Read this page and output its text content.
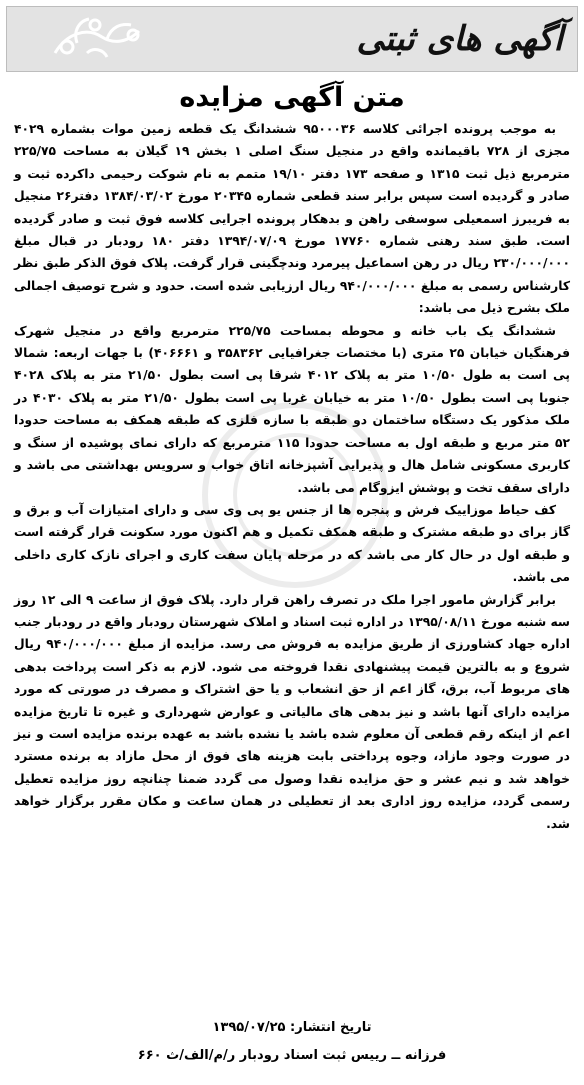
آگهی های ثبتی
متن آگهی مزایده

به موجب پرونده اجرائی کلاسه ۹۵۰۰۰۳۶ ششدانگ یک قطعه زمین موات بشماره ۴۰۲۹ مجزی از ۷۲۸ باقیمانده واقع در منجیل سنگ اصلی ۱ بخش ۱۹ گیلان به مساحت ۲۲۵/۷۵ مترمربع ذیل ثبت ۱۳۱۵ و صفحه ۱۷۳ دفتر ۱۹/۱۰ متمم به نام شوکت رحیمی داکرده ثبت و صادر و گردیده است سپس برابر سند قطعی شماره ۲۰۳۴۵ مورخ ۱۳۸۴/۰۳/۰۲ دفتر۲۶ منجیل به فریبرز اسمعیلی سوسفی راهن و بدهکار پرونده اجرایی کلاسه فوق ثبت و صادر گردیده است. طبق سند رهنی شماره ۱۷۷۶۰ مورخ ۱۳۹۴/۰۷/۰۹ دفتر ۱۸۰ رودبار در قبال مبلغ ۲۳۰/۰۰۰/۰۰۰ ریال در رهن اسماعیل پیرمرد وندچگینی قرار گرفت. پلاک فوق الذکر طبق نظر کارشناس رسمی به مبلغ ۹۴۰/۰۰۰/۰۰۰ ریال ارزیابی شده است. حدود و شرح توصیف اجمالی ملک بشرح ذیل می باشد:

ششدانگ یک باب خانه و محوطه بمساحت ۲۲۵/۷۵ مترمربع واقع در منجیل شهرک فرهنگیان خیابان ۲۵ متری (با مختصات جغرافیایی ۳۵۸۳۶۲ و ۴۰۶۶۶۱) با جهات اربعه: شمالا پی است به طول ۱۰/۵۰ متر به پلاک ۴۰۱۲ شرقا پی است بطول ۲۱/۵۰ متر به پلاک ۴۰۲۸ جنوبا پی است بطول ۱۰/۵۰ متر به خیابان غربا پی است بطول ۲۱/۵۰ متر به پلاک ۴۰۳۰ در ملک مذکور یک دستگاه ساختمان دو طبقه با سازه فلزی که طبقه همکف به مساحت حدودا ۵۲ متر مربع و طبقه اول به مساحت حدودا ۱۱۵ مترمربع که دارای نمای پوشیده از سنگ و کاربری مسکونی شامل هال و پذیرایی آشپزخانه اتاق خواب و سرویس بهداشتی می باشد و دارای سقف تخت و پوشش ایزوگام می باشد.

کف حیاط موزاییک فرش و پنجره ها از جنس یو پی وی سی و دارای امتیازات آب و برق و گاز برای دو طبقه مشترک و طبقه همکف تکمیل و هم اکنون مورد سکونت قرار گرفته است و طبقه اول در حال کار می باشد که در مرحله پایان سفت کاری و اجرای نازک کاری داخلی می باشد.

برابر گزارش مامور اجرا ملک در تصرف راهن قرار دارد. پلاک فوق از ساعت ۹ الی ۱۲ روز سه شنبه مورخ ۱۳۹۵/۰۸/۱۱ در اداره ثبت اسناد و املاک شهرستان رودبار واقع در رودبار جنب اداره جهاد کشاورزی از طریق مزایده به فروش می رسد. مزایده از مبلغ ۹۴۰/۰۰۰/۰۰۰ ریال شروع و به بالترین قیمت پیشنهادی نقدا فروخته می شود. لازم به ذکر است پرداخت بدهی های مربوط آب، برق، گاز اعم از حق انشعاب و یا حق اشتراک و مصرف در صورتی که مورد مزایده دارای آنها باشد و نیز بدهی های مالیاتی و عوارض شهرداری و غیره تا تاریخ مزایده اعم از اینکه رقم قطعی آن معلوم شده باشد یا نشده باشد به عهده برنده مزایده است و نیز در صورت وجود مازاد، وجوه پرداختی بابت هزینه های فوق از محل مازاد به برنده مسترد خواهد شد و نیم عشر و حق مزایده نقدا وصول می گردد ضمنا چنانچه روز مزایده تعطیل رسمی گردد، مزایده روز اداری بعد از تعطیلی در همان ساعت و مکان مقرر برگزار خواهد شد.

تاریخ انتشار: ۱۳۹۵/۰۷/۲۵
فرزانه ــ رییس ثبت اسناد رودبار ر/م/الف/ث ۶۶۰
